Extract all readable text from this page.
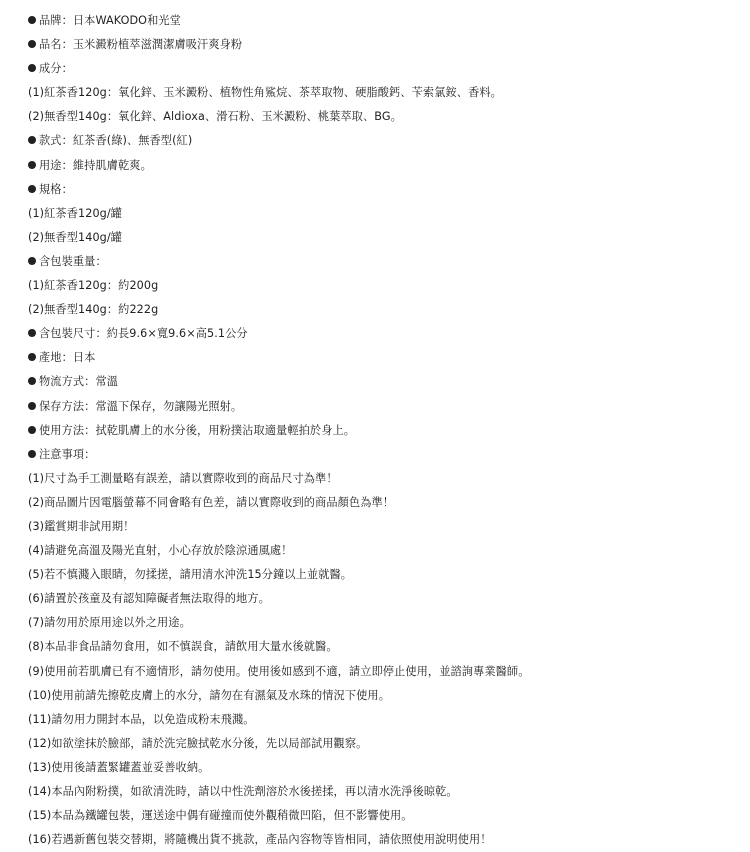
品牌：日本WAKODO和光堂
品名：玉米澱粉植萃滋潤潔膚吸汗爽身粉
成分：
(1)紅茶香120g：氧化鋅、玉米澱粉、植物性角鯊烷、茶萃取物、硬脂酸鈣、苄索氯銨、香料。
(2)無香型140g：氧化鋅、Aldioxa、滑石粉、玉米澱粉、桃葉萃取、BG。
款式：紅茶香(綠)、無香型(紅)
用途：維持肌膚乾爽。
規格：
(1)紅茶香120g/罐
(2)無香型140g/罐
含包裝重量：
(1)紅茶香120g：約200g
(2)無香型140g：約222g
含包裝尺寸：約長9.6×寬9.6×高5.1公分
產地：日本
物流方式：常溫
保存方法：常溫下保存，勿讓陽光照射。
使用方法：拭乾肌膚上的水分後，用粉撲沾取適量輕拍於身上。
注意事項：
(1)尺寸為手工測量略有誤差，請以實際收到的商品尺寸為準！
(2)商品圖片因電腦螢幕不同會略有色差，請以實際收到的商品顏色為準！
(3)鑑賞期非試用期！
(4)請避免高溫及陽光直射，小心存放於陰涼通風處！
(5)若不慎濺入眼睛，勿揉搓，請用清水沖洗15分鐘以上並就醫。
(6)請置於孩童及有認知障礙者無法取得的地方。
(7)請勿用於原用途以外之用途。
(8)本品非食品請勿食用，如不慎誤食，請飲用大量水後就醫。
(9)使用前若肌膚已有不適情形，請勿使用。使用後如感到不適，請立即停止使用，並諮詢專業醫師。
(10)使用前請先擦乾皮膚上的水分，請勿在有濕氣及水珠的情況下使用。
(11)請勿用力開封本品，以免造成粉末飛濺。
(12)如欲塗抹於臉部，請於洗完臉拭乾水分後，先以局部試用觀察。
(13)使用後請蓋緊罐蓋並妥善收納。
(14)本品內附粉撲，如欲清洗時，請以中性洗劑溶於水後搓揉，再以清水洗淨後晾乾。
(15)本品為鐵罐包裝，運送途中偶有碰撞而使外觀稍微凹陷，但不影響使用。
(16)若遇新舊包裝交替期，將隨機出貨不挑款，產品內容物等皆相同，請依照使用說明使用！
